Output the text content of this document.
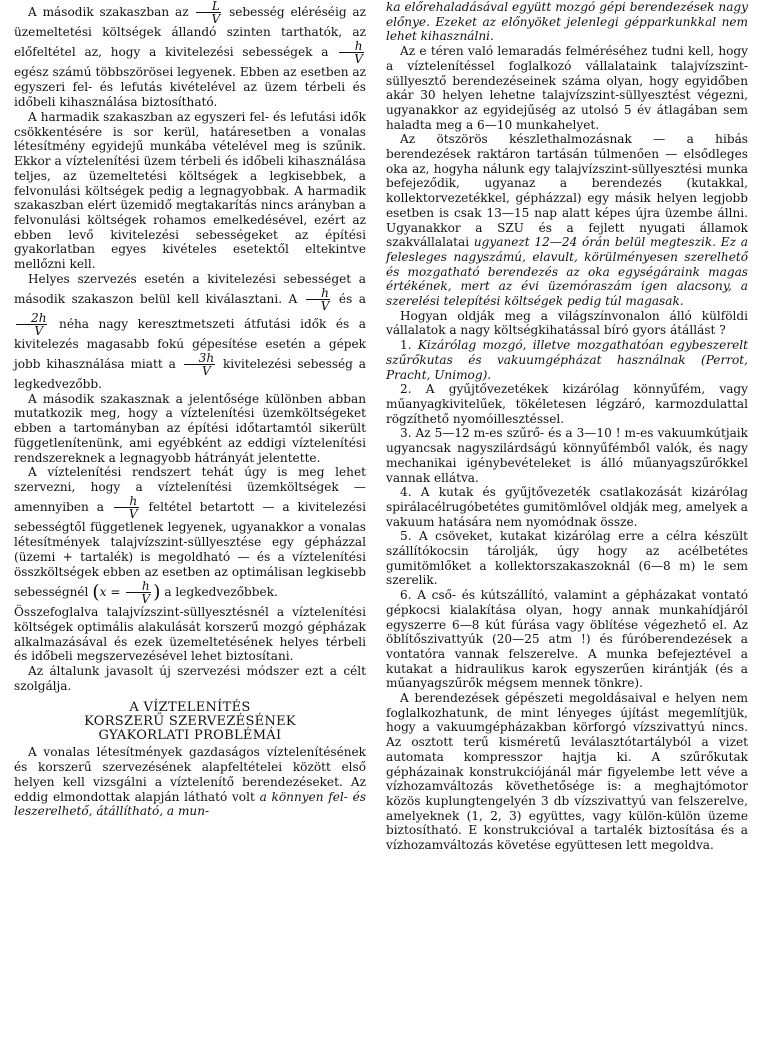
A második szakaszban az $\frac{L}{V}$ sebesség eléréséig az üzemeltetési költségek állandó szinten tarthatók, az előfeltétel az, hogy a kivitelezési sebességek a $\frac{h}{V}$
egész számú többszörösei legyenek. Ebben az esetben az egyszeri fel- és lefutás kivételével az üzem térbeli és időbeli kihasználása biztosítható.

A harmadik szakaszban az egyszeri fel- és lefutási idők csökkentésére is sor kerül, határesetben a vonalas létesítmény egyidejű munkába vételével meg is szűnik. Ekkor a víztelenítési üzem térbeli és időbeli kihasználása teljes, az üzemeltetési költségek a legkisebbek, a felvonulási költségek pedig a legnagyobbak. A harmadik szakaszban elért üzemidő megtakarítás nincs arányban a felvonulási költségek rohamos emelkedésével, ezért az ebben levő kivitelezési sebességeket az építési gyakorlatban egyes kivételes esetektől eltekintve mellőzni kell.

Helyes szervezés esetén a kivitelezési sebességet a második szakaszon belül kell kiválasztani. A $\frac{h}{V}$ és a
$\frac{2h}{V}$ néha nagy keresztmetszeti átfutási idők és a kivitelezés magasabb fokú gépesítése esetén a gépek jobb kihasználása miatt a $\frac{3h}{V}$ kivitelezési sebesség a legkedvezőbb.

A második szakasznak a jelentősége különben abban mutatkozik meg, hogy a víztelenítési üzemköltségeket ebben a tartományban az építési időtartamtól sikerült függetlenítenünk, ami egyébként az eddigi víztelenítési rendszereknek a legnagyobb hátrányát jelentette.

A víztelenítési rendszert tehát úgy is meg lehet szervezni, hogy a víztelenítési üzemköltségek — amennyiben a $\frac{h}{V}$ feltétel betartott — a kivitelezési sebességtől függetlenek legyenek, ugyanakkor a vonalas létesítmények talajvízszint-süllyesztése egy gépházzal (üzemi + tartalék) is megoldható — és a víztelenítési összköltségek ebben az esetben az optimálisan legkisebb sebességnél ($x = \frac{h}{V}$ ) a legkedvezőbbek.

Összefoglalva talajvízszint-süllyesztésnél a víztelenítési költségek optimális alakulását korszerű mozgó gépházak alkalmazásával és ezek üzemeltetésének helyes térbeli és időbeli megszervezésével lehet biztosítani.

Az általunk javasolt új szervezési módszer ezt a célt szolgálja.

A VÍZTELENÍTÉS
KORSZERŰ SZERVEZÉSÉNEK
GYAKORLATI PROBLÉMÁI

A vonalas létesítmények gazdaságos víztelenítésének és korszerű szervezésének alapfeltételei között első helyen kell vizsgálni a víztelenítő berendezéseket. Az eddig elmondottak alapján látható volt a könnyen fel- és leszerelhető, átállítható, a mun-

ka előrehaladásával együtt mozgó gépi berendezések nagy előnye. Ezeket az előnyöket jelenlegi gépparkunkkal nem lehet kihasználni.

Az e téren való lemaradás felméréséhez tudni kell, hogy a víztelenítéssel foglalkozó vállalataink talajvízszint-süllyesztő berendezéseinek száma olyan, hogy egyidőben akár 30 helyen lehetne talajvízszint-süllyesztést végezni, ugyanakkor az egyidejűség az utolsó 5 év átlagában sem haladta meg a 6—10 munkahelyet.

Az ötszörös készlethalmozásnak — a hibás berendezések raktáron tartásán túlmenően — elsődleges oka az, hogyha nálunk egy talajvízszint-süllyesztési munka befejeződik, ugyanaz a berendezés (kutakkal, kollektorvezetékkel, gépházzal) egy másik helyen legjobb esetben is csak 13—15 nap alatt képes újra üzembe állni. Ugyanakkor a SZU és a fejlett nyugati államok szakvállalatai ugyanezt 12—24 órán belül megteszik. Ez a felesleges nagyszámú, elavult, körülményesen szerelhető és mozgatható berendezés az oka egységáraink magas értékének, mert az évi üzemóraszám igen alacsony, a szerelési telepítési költségek pedig túl magasak.

Hogyan oldják meg a világszínvonalon álló külföldi vállalatok a nagy költségkihatással bíró gyors átállást ?

1. Kizárólag mozgó, illetve mozgathatóan egybeszerelt szűrőkutas és vakuumgépházat használnak (Perrot, Pracht, Unimog).

2. A gyűjtővezetékek kizárólag könnyűfém, vagy műanyagkivitelűek, tökéletesen légzáró, karmozdulattal rögzíthető nyomóillesztéssel.

3. Az 5—12 m-es szűrő- és a 3—10 ! m-es vakuumkútjaik ugyancsak nagyszilárdságú könnyűfémből valók, és nagy mechanikai igénybevételeket is álló műanyagszűrőkkel vannak ellátva.

4. A kutak és gyűjtővezeték csatlakozását kizárólag spirálacélrugóbetétes gumitömlővel oldják meg, amelyek a vakuum hatására nem nyomódnak össze.

5. A csöveket, kutakat kizárólag erre a célra készült szállítókocsin tárolják, úgy hogy az acélbetétes gumitömlőket a kollektorszakaszoknál (6—8 m) le sem szerelik.

6. A cső- és kútszállító, valamint a gépházakat vontató gépkocsi kialakítása olyan, hogy annak munkahídjáról egyszerre 6—8 kút fúrása vagy öblítése végezhető el. Az öblítőszivattyúk (20—25 atm !) és fúróberendezések a vontatóra vannak felszerelve. A munka befejeztével a kutakat a hidraulikus karok egyszerűen kirántják (és a műanyagszűrők mégsem mennek tönkre).

A berendezések gépészeti megoldásaival e helyen nem foglalkozhatunk, de mint lényeges újítást megemlítjük, hogy a vakuumgépházakban körforgó vízszivattyú nincs. Az osztott terű kisméretű leválasztótartályból a vizet automata kompresszor hajtja ki. A szűrőkutak gépházainak konstrukciójánál már figyelembe lett véve a vízhozamváltozás követhetősége is: a meghajtómotor közös kuplungtengelyén 3 db vízszivattyú van felszerelve, amelyeknek (1, 2, 3) együttes, vagy külön-külön üzeme biztosítható. E konstrukcióval a tartalék biztosítása és a vízhozamváltozás követése együttesen lett megoldva.
